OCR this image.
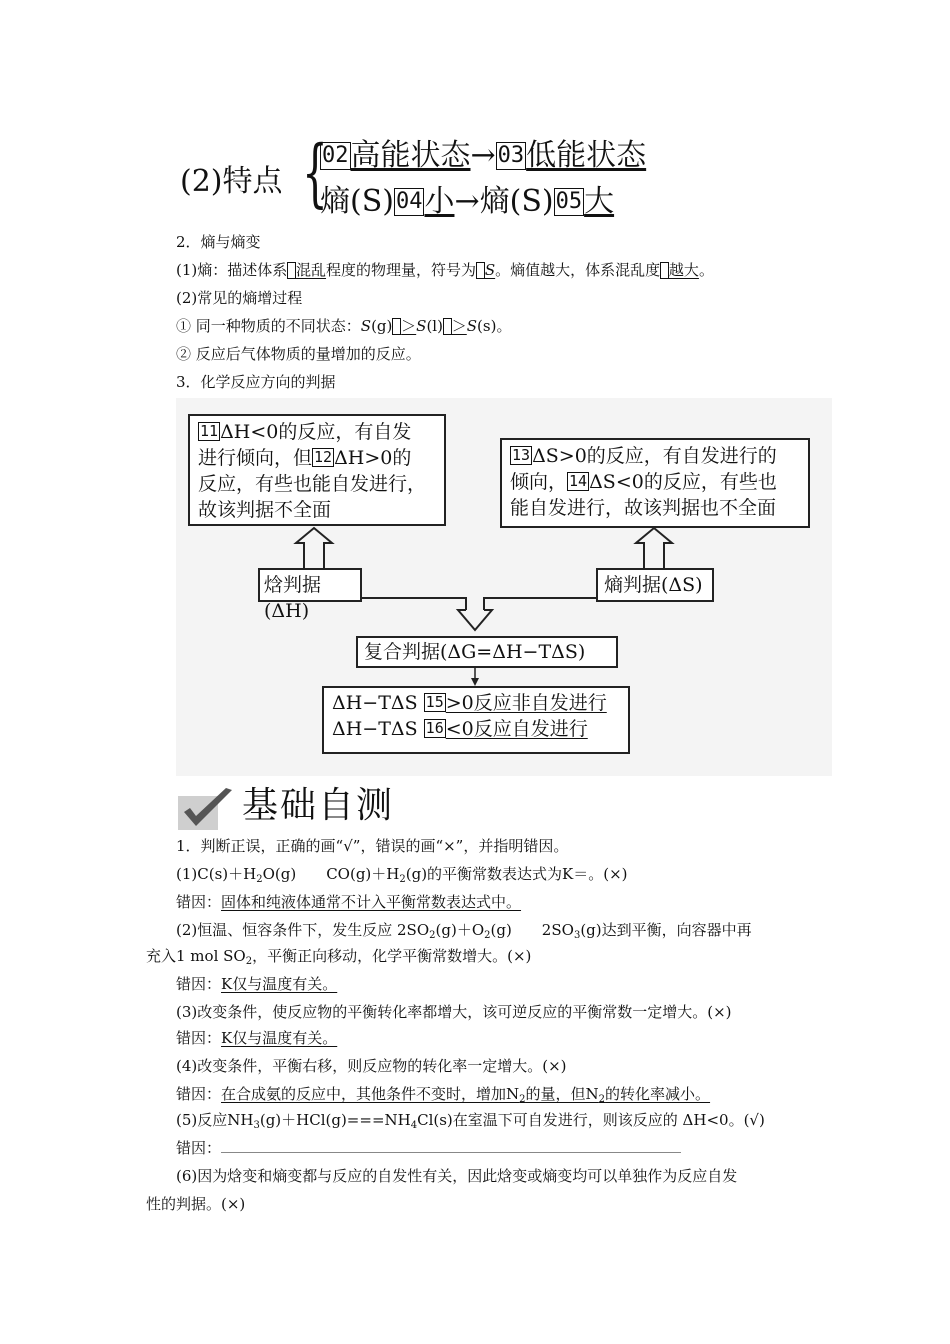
(2)特点 {
02高能状态→03低能状态
熵(S)04小→熵(S)05大
2．熵与熵变
(1)熵：描述体系 混乱程度的物理量，符号为 S。熵值越大，体系混乱度 越大。
(2)常见的熵增过程
① 同一种物质的不同状态：S(g) ＞S(l) ＞S(s)。
② 反应后气体物质的量增加的反应。
3．化学反应方向的判据
11 ΔH<0的反应，有自发
进行倾向，但 12 ΔH>0的
反应，有些也能自发进行，
故该判据不全面
13 ΔS>0的反应，有自发进行的
倾向， 14 ΔS<0的反应，有些也
能自发进行，故该判据也不全面
焓判据(ΔH)
熵判据(ΔS)
复合判据(ΔG=ΔH−TΔS)
ΔH−TΔS 15 >0反应非自发进行
ΔH−TΔS 16 <0反应自发进行
基础自测
1．判断正误，正确的画“√”，错误的画“×”，并指明错因。
$(1)C(s)+H_2O(g)$　　$CO(g)+H_2(g)$的平衡常数表达式为K＝。(×)
错因：固体和纯液体通常不计入平衡常数表达式中。
(2)恒温、恒容条件下，发生反应 $2SO_2(g)+O_2(g)$　　$2SO_3(g)$达到平衡，向容器中再
充入1 mol $SO_2$，平衡正向移动，化学平衡常数增大。(×)
错因：K仅与温度有关。
(3)改变条件，使反应物的平衡转化率都增大，该可逆反应的平衡常数一定增大。(×)
错因：K仅与温度有关。
(4)改变条件，平衡右移，则反应物的转化率一定增大。(×)
错因：在合成氨的反应中，其他条件不变时，增加$N_2$的量，但$N_2$的转化率减小。
(5)反应$NH_3(g)+HCl(g)===NH_4Cl(s)$在室温下可自发进行，则该反应的 ΔH<0。(√)
错因：
(6)因为焓变和熵变都与反应的自发性有关，因此焓变或熵变均可以单独作为反应自发
性的判据。(×)
